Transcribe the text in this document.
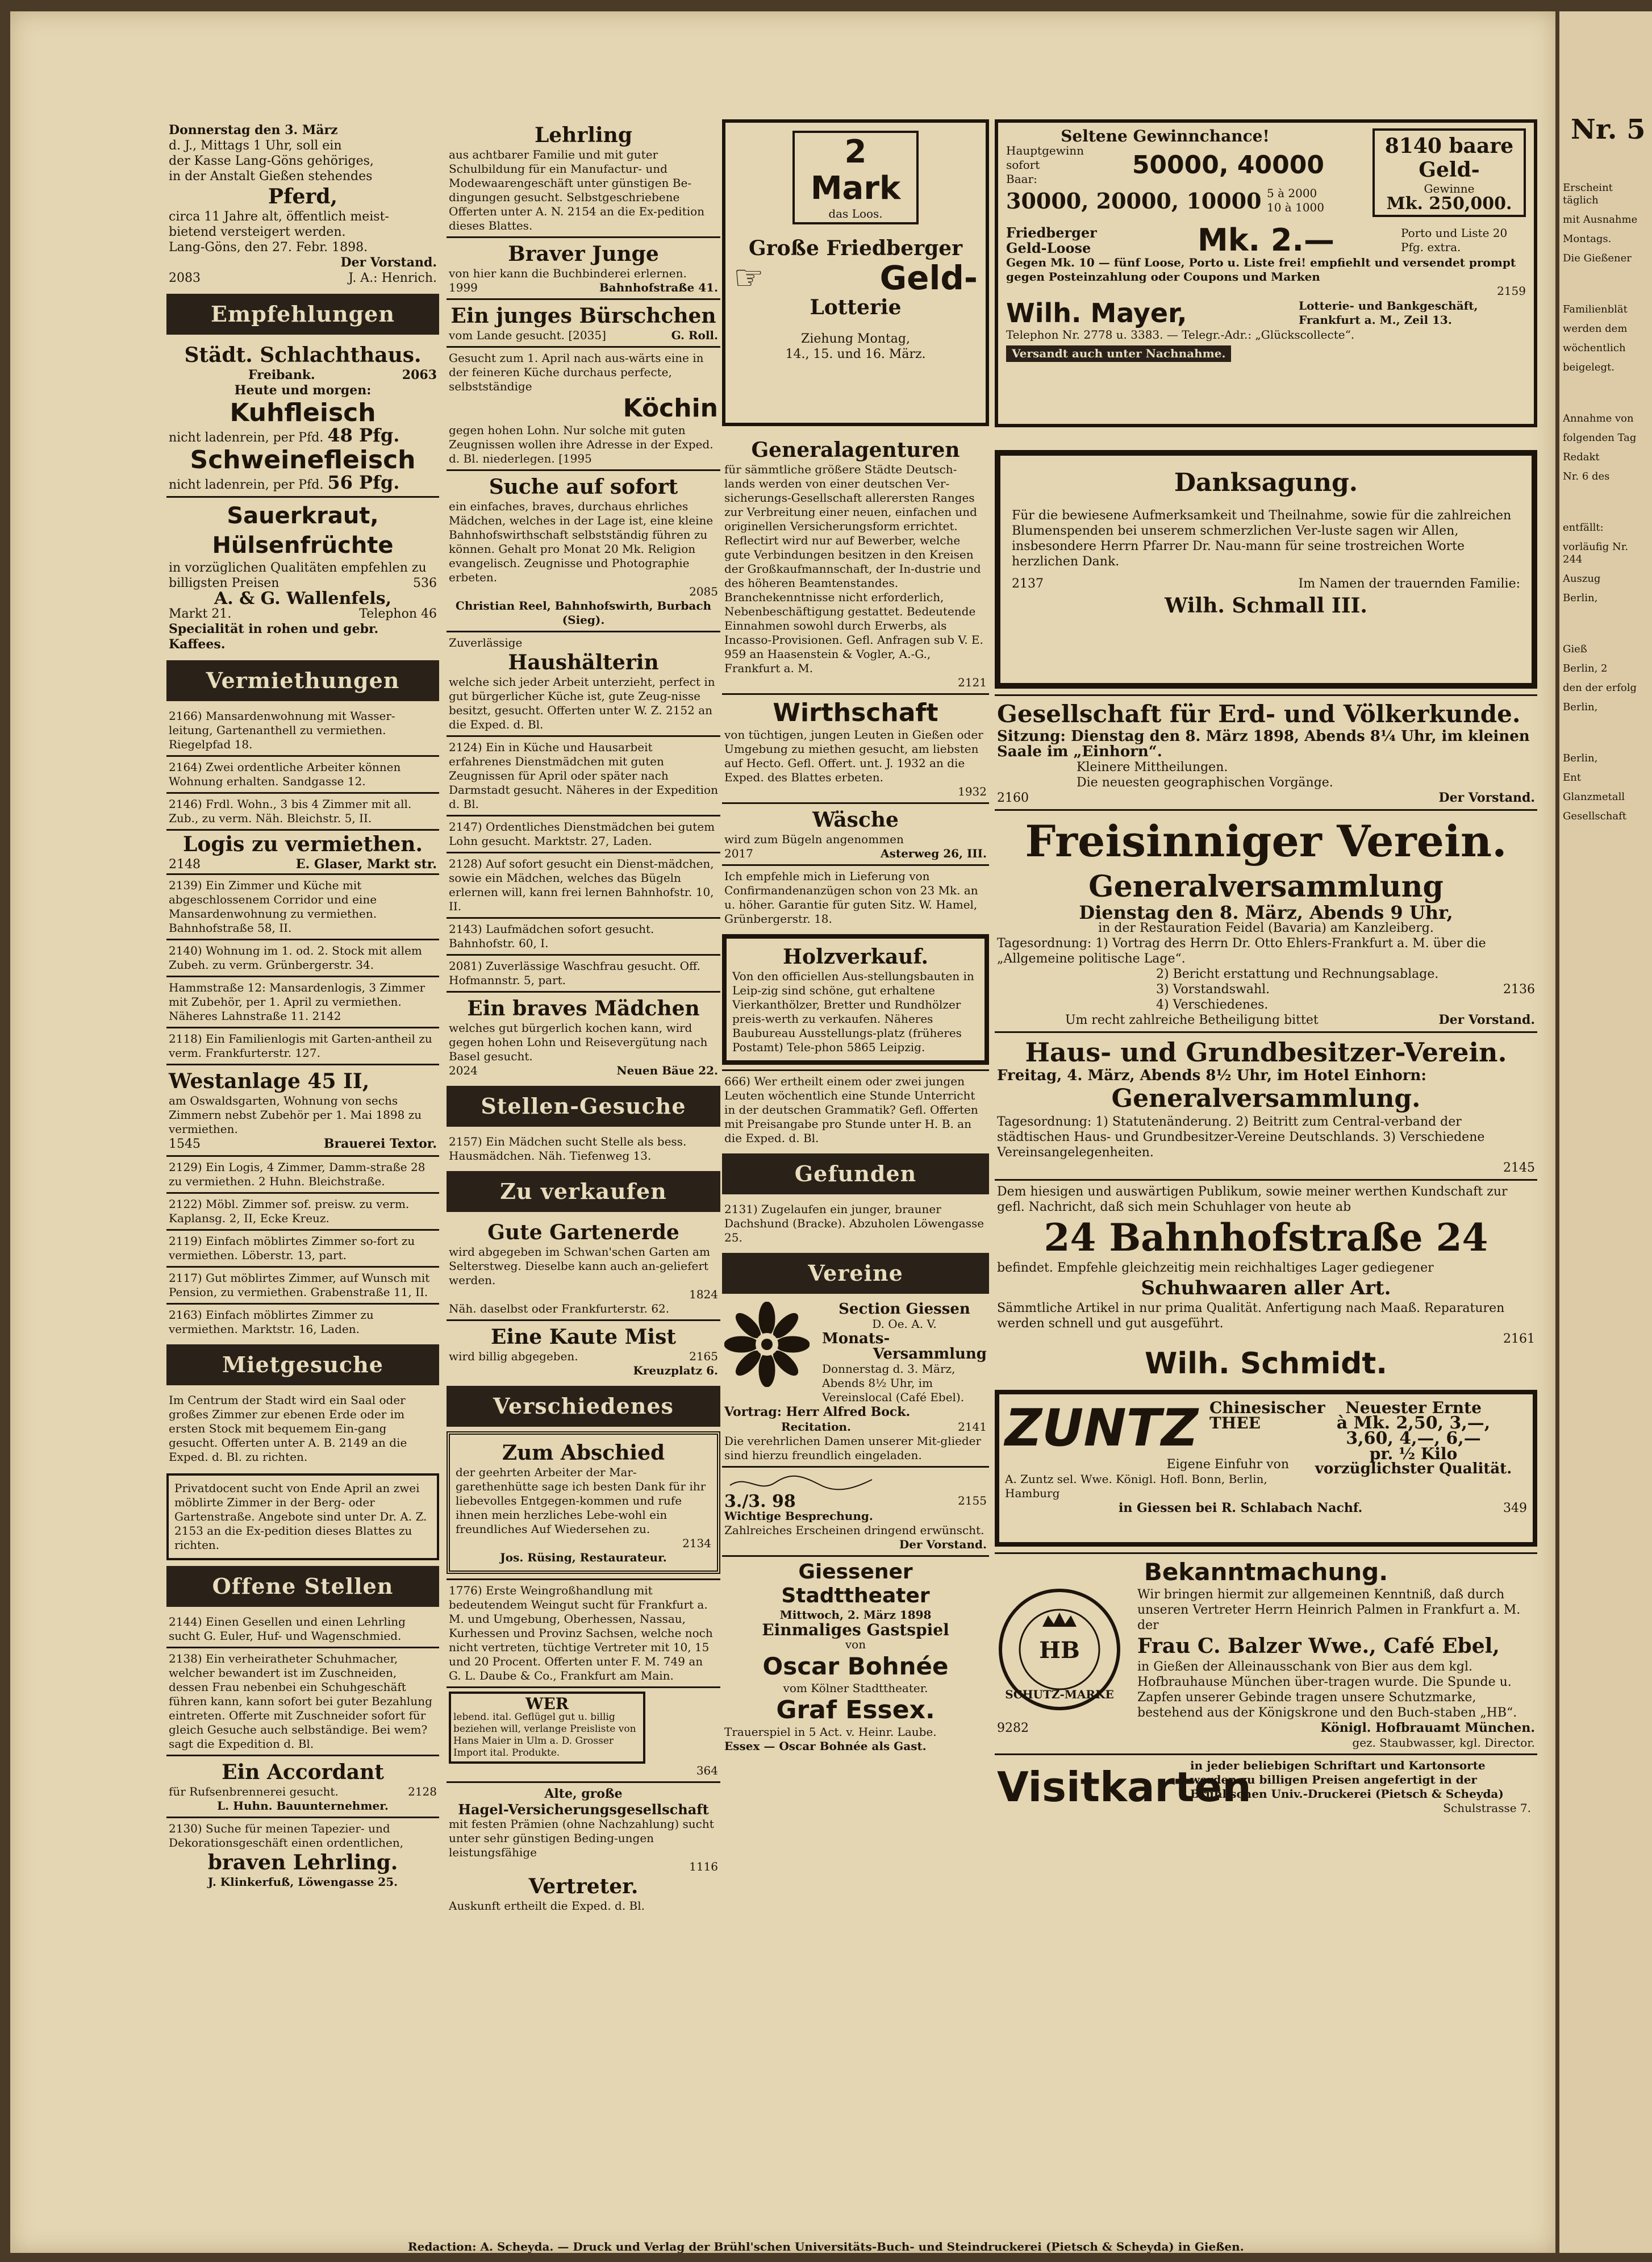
Donnerstag den 3. März

d. J., Mittags 1 Uhr, soll ein

der Kasse Lang-Göns gehöriges,

in der Anstalt Gießen stehendes

Pferd,

circa 11 Jahre alt, öffentlich meist-

bietend versteigert werden.

Lang-Göns, den 27. Febr. 1898.

Der Vorstand.

2083	J. A.: Henrich.
Empfehlungen

Städt. Schlachthaus.

Freibank.	2063

Heute und morgen:

Kuhfleisch

nicht ladenrein, per Pfd. 48 Pfg.

Schweinefleisch

nicht ladenrein, per Pfd. 56 Pfg.

Sauerkraut,

Hülsenfrüchte

in vorzüglichen Qualitäten empfehlen zu

billigsten Preisen	536

A. & G. Wallenfels,

Markt 21.	Telephon 46

Specialität in rohen und gebr. Kaffees.

Vermiethungen
2166) Mansardenwohnung mit Wasser-leitung, Gartenanthell zu vermiethen. Riegelpfad 18.
2164) Zwei ordentliche Arbeiter können Wohnung erhalten. Sandgasse 12.
2146) Frdl. Wohn., 3 bis 4 Zimmer mit all. Zub., zu verm. Näh. Bleichstr. 5, II.

Logis zu vermiethen.

2148	E. Glaser, Markt str.
2139) Ein Zimmer und Küche mit abgeschlossenem Corridor und eine Mansardenwohnung zu vermiethen. Bahnhofstraße 58, II.
2140) Wohnung im 1. od. 2. Stock mit allem Zubeh. zu verm. Grünbergerstr. 34.
Hammstraße 12: Mansardenlogis, 3 Zimmer mit Zubehör, per 1. April zu vermiethen. Näheres Lahnstraße 11. 2142
2118) Ein Familienlogis mit Garten-antheil zu verm. Frankfurterstr. 127.

Westanlage 45 II,

am Oswaldsgarten, Wohnung von sechs Zimmern nebst Zubehör per 1. Mai 1898 zu vermiethen.

1545	Brauerei Textor.
2129) Ein Logis, 4 Zimmer, Damm-straße 28 zu vermiethen. 2 Huhn. Bleichstraße.
2122) Möbl. Zimmer sof. preisw. zu verm. Kaplansg. 2, II, Ecke Kreuz.
2119) Einfach möblirtes Zimmer so-fort zu vermiethen. Löberstr. 13, part.
2117) Gut möblirtes Zimmer, auf Wunsch mit Pension, zu vermiethen. Grabenstraße 11, II.
2163) Einfach möblirtes Zimmer zu vermiethen. Marktstr. 16, Laden.
Mietgesuche
Im Centrum der Stadt wird ein Saal oder großes Zimmer zur ebenen Erde oder im ersten Stock mit bequemem Ein-gang gesucht. Offerten unter A. B. 2149 an die Exped. d. Bl. zu richten.
Privatdocent sucht von Ende April an zwei möblirte Zimmer in der Berg- oder Gartenstraße. Angebote sind unter Dr. A. Z. 2153 an die Ex-pedition dieses Blattes zu richten.
Offene Stellen
2144) Einen Gesellen und einen Lehrling sucht G. Euler, Huf- und Wagenschmied.
2138) Ein verheiratheter Schuhmacher, welcher bewandert ist im Zuschneiden, dessen Frau nebenbei ein Schuhgeschäft führen kann, kann sofort bei guter Bezahlung eintreten. Offerte mit Zuschneider sofort für gleich Gesuche auch selbständige. Bei wem? sagt die Expedition d. Bl.

Ein Accordant

für Rufsenbrennerei gesucht.	2128

L. Huhn. Bauunternehmer.

2130) Suche für meinen Tapezier- und Dekorationsgeschäft einen ordentlichen,

braven Lehrling.

J. Klinkerfuß, Löwengasse 25.

Lehrling

aus achtbarer Familie und mit guter Schulbildung für ein Manufactur- und Modewaarengeschäft unter günstigen Be-dingungen gesucht. Selbstgeschriebene Offerten unter A. N. 2154 an die Ex-pedition dieses Blattes.

Braver Junge

von hier kann die Buchbinderei erlernen.

1999	Bahnhofstraße 41.

Ein junges Bürschchen

vom Lande gesucht. [2035]	G. Roll.

Gesucht zum 1. April nach aus-wärts eine in der feineren Küche durchaus perfecte, selbstständige

Köchin

gegen hohen Lohn. Nur solche mit guten Zeugnissen wollen ihre Adresse in der Exped. d. Bl. niederlegen. [1995

Suche auf sofort

ein einfaches, braves, durchaus ehrliches Mädchen, welches in der Lage ist, eine kleine Bahnhofswirthschaft selbstständig führen zu können. Gehalt pro Monat 20 Mk. Religion evangelisch. Zeugnisse und Photographie erbeten.

2085

Christian Reel, Bahnhofswirth, Burbach (Sieg).

Zuverlässige

Haushälterin

welche sich jeder Arbeit unterzieht, perfect in gut bürgerlicher Küche ist, gute Zeug-nisse besitzt, gesucht. Offerten unter W. Z. 2152 an die Exped. d. Bl.

2124) Ein in Küche und Hausarbeit erfahrenes Dienstmädchen mit guten Zeugnissen für April oder später nach Darmstadt gesucht. Näheres in der Expedition d. Bl.
2147) Ordentliches Dienstmädchen bei gutem Lohn gesucht. Marktstr. 27, Laden.
2128) Auf sofort gesucht ein Dienst-mädchen, sowie ein Mädchen, welches das Bügeln erlernen will, kann frei lernen Bahnhofstr. 10, II.
2143) Laufmädchen sofort gesucht. Bahnhofstr. 60, I.
2081) Zuverlässige Waschfrau gesucht. Off. Hofmannstr. 5, part.

Ein braves Mädchen

welches gut bürgerlich kochen kann, wird gegen hohen Lohn und Reisevergütung nach Basel gesucht.

2024	Neuen Bäue 22.
Stellen-Gesuche
2157) Ein Mädchen sucht Stelle als bess. Hausmädchen. Näh. Tiefenweg 13.
Zu verkaufen

Gute Gartenerde

wird abgegeben im Schwan'schen Garten am Selterstweg. Dieselbe kann auch an-geliefert werden.

1824

Näh. daselbst oder Frankfurterstr. 62.

Eine Kaute Mist

wird billig abgegeben.	2165

Kreuzplatz 6.

Verschiedenes

Zum Abschied

der geehrten Arbeiter der Mar-garethenhütte sage ich besten Dank für ihr liebevolles Entgegen-kommen und rufe ihnen mein herzliches Lebe-wohl ein freundliches Auf Wiedersehen zu.

2134

Jos. Rüsing, Restaurateur.

1776) Erste Weingroßhandlung mit bedeutendem Weingut sucht für Frankfurt a. M. und Umgebung, Oberhessen, Nassau, Kurhessen und Provinz Sachsen, welche noch nicht vertreten, tüchtige Vertreter mit 10, 15 und 20 Procent. Offerten unter F. M. 749 an G. L. Daube & Co., Frankfurt am Main.

WER

lebend. ital. Geflügel gut u. billig beziehen will, verlange Preisliste von Hans Maier in Ulm a. D. Grosser Import ital. Produkte.

364

Alte, große

Hagel-Versicherungsgesellschaft

mit festen Prämien (ohne Nachzahlung) sucht unter sehr günstigen Beding-ungen leistungsfähige

1116

Vertreter.

Auskunft ertheilt die Exped. d. Bl.

2 Mark

das Loos.

Große Friedberger

☞	Geld-

Lotterie

Ziehung Montag,

14., 15. und 16. März.

Generalagenturen

für sämmtliche größere Städte Deutsch-lands werden von einer deutschen Ver-sicherungs-Gesellschaft allerersten Ranges zur Verbreitung einer neuen, einfachen und originellen Versicherungsform errichtet. Reflectirt wird nur auf Bewerber, welche gute Verbindungen besitzen in den Kreisen der Großkaufmannschaft, der In-dustrie und des höheren Beamtenstandes. Branchekenntnisse nicht erforderlich, Nebenbeschäftigung gestattet. Bedeutende Einnahmen sowohl durch Erwerbs, als Incasso-Provisionen. Gefl. Anfragen sub V. E. 959 an Haasenstein & Vogler, A.-G., Frankfurt a. M.

2121

Wirthschaft

von tüchtigen, jungen Leuten in Gießen oder Umgebung zu miethen gesucht, am liebsten auf Hecto. Gefl. Offert. unt. J. 1932 an die Exped. des Blattes erbeten.

1932

Wäsche

wird zum Bügeln angenommen

2017	Asterweg 26, III.
Ich empfehle mich in Lieferung von Confirmandenanzügen schon von 23 Mk. an u. höher. Garantie für guten Sitz. W. Hamel, Grünbergerstr. 18.

Holzverkauf.

Von den officiellen Aus-stellungsbauten in Leip-zig sind schöne, gut erhaltene Vierkanthölzer, Bretter und Rundhölzer preis-werth zu verkaufen. Näheres Baubureau Ausstellungs-platz (früheres Postamt) Tele-phon 5865 Leipzig.

666) Wer ertheilt einem oder zwei jungen Leuten wöchentlich eine Stunde Unterricht in der deutschen Grammatik? Gefl. Offerten mit Preisangabe pro Stunde unter H. B. an die Exped. d. Bl.
Gefunden
2131) Zugelaufen ein junger, brauner Dachshund (Bracke). Abzuholen Löwengasse 25.
Vereine

Section Giessen

D. Oe. A. V.

Monats-

Versammlung

Donnerstag d. 3. März, Abends 8½ Uhr, im Vereinslocal (Café Ebel).

Vortrag: Herr Alfred Bock.

Recitation.	2141

Die verehrlichen Damen unserer Mit-glieder sind hierzu freundlich eingeladen.

3./3. 98	2155

Wichtige Besprechung.

Zahlreiches Erscheinen dringend erwünscht.

Der Vorstand.

Giessener Stadttheater

Mittwoch, 2. März 1898

Einmaliges Gastspiel

von

Oscar Bohnée

vom Kölner Stadttheater.

Graf Essex.

Trauerspiel in 5 Act. v. Heinr. Laube.

Essex — Oscar Bohnée als Gast.

Seltene Gewinnchance!

Hauptgewinn sofort Baar:	50000, 40000
30000, 20000, 10000 5 à 2000
10 à 1000

8140 baare Geld-

Gewinne

Mk. 250,000.

Friedberger Geld-Loose	Mk. 2.—	Porto und Liste 20 Pfg. extra.

Gegen Mk. 10 — fünf Loose, Porto u. Liste frei! empfiehlt und versendet prompt gegen Posteinzahlung oder Coupons und Marken

2159

Wilh. Mayer,	Lotterie- und Bankgeschäft, Frankfurt a. M., Zeil 13.

Telephon Nr. 2778 u. 3383. — Telegr.-Adr.: „Glückscollecte“.

Versandt auch unter Nachnahme.

Danksagung.

Für die bewiesene Aufmerksamkeit und Theilnahme, sowie für die zahlreichen Blumenspenden bei unserem schmerzlichen Ver-luste sagen wir Allen, insbesondere Herrn Pfarrer Dr. Nau-mann für seine trostreichen Worte herzlichen Dank.

2137	Im Namen der trauernden Familie:

Wilh. Schmall III.

Gesellschaft für Erd- und Völkerkunde.

Sitzung: Dienstag den 8. März 1898, Abends 8¼ Uhr, im kleinen Saale im „Einhorn“.

Kleinere Mittheilungen.

Die neuesten geographischen Vorgänge.

2160	Der Vorstand.

Freisinniger Verein.

Generalversammlung

Dienstag den 8. März, Abends 9 Uhr,

in der Restauration Feidel (Bavaria) am Kanzleiberg.

Tagesordnung: 1) Vortrag des Herrn Dr. Otto Ehlers-Frankfurt a. M. über die „Allgemeine politische Lage“.

2) Bericht erstattung und Rechnungsablage.

3) Vorstandswahl.	2136

4) Verschiedenes.

Um recht zahlreiche Betheiligung bittet	Der Vorstand.

Haus- und Grundbesitzer-Verein.

Freitag, 4. März, Abends 8½ Uhr, im Hotel Einhorn:

Generalversammlung.

Tagesordnung: 1) Statutenänderung. 2) Beitritt zum Central-verband der städtischen Haus- und Grundbesitzer-Vereine Deutschlands. 3) Verschiedene Vereinsangelegenheiten.

2145

Dem hiesigen und auswärtigen Publikum, sowie meiner werthen Kundschaft zur gefl. Nachricht, daß sich mein Schuhlager von heute ab

24 Bahnhofstraße 24

befindet. Empfehle gleichzeitig mein reichhaltiges Lager gediegener

Schuhwaaren aller Art.

Sämmtliche Artikel in nur prima Qualität. Anfertigung nach Maaß. Reparaturen werden schnell und gut ausgeführt.

2161

Wilh. Schmidt.

ZUNTZ Chinesischer THEE

Eigene Einfuhr von

A. Zuntz sel. Wwe. Königl. Hofl. Bonn, Berlin, Hamburg

Neuester Ernte

à Mk. 2,50, 3,—,

3,60, 4,—, 6,—

pr. ½ Kilo

vorzüglichster Qualität.

in Giessen bei R. Schlabach Nachf.	349

Bekanntmachung.

HB
SCHUTZ-MARKE

Wir bringen hiermit zur allgemeinen Kenntniß, daß durch unseren Vertreter Herrn Heinrich Palmen in Frankfurt a. M. der

Frau C. Balzer Wwe., Café Ebel,

in Gießen der Alleinausschank von Bier aus dem kgl. Hofbrauhause München über-tragen wurde. Die Spunde u. Zapfen unserer Gebinde tragen unsere Schutzmarke, bestehend aus der Königskrone und den Buch-staben „HB“.

9282	Königl. Hofbrauamt München.

gez. Staubwasser, kgl. Director.

Visitkarten

in jeder beliebigen Schriftart und Kartonsorte werden zu billigen Preisen angefertigt in der

Brühl'schen Univ.-Druckerei (Pietsch & Scheyda)

Schulstrasse 7.

Redaction: A. Scheyda. — Druck und Verlag der Brühl'schen Universitäts-Buch- und Steindruckerei (Pietsch & Scheyda) in Gießen.

Nr. 5

Erscheint täglich

mit Ausnahme

Montags.

Die Gießener

Familienblät

werden dem

wöchentlich

beigelegt.

Annahme von

folgenden Tag

Redakt

Nr. 6 des

entfällt:

vorläufig Nr. 244

Auszug

Berlin,

Gieß

Berlin, 2

den der erfolg

Berlin,

Berlin,

Ent

Glanzmetall

Gesellschaft
